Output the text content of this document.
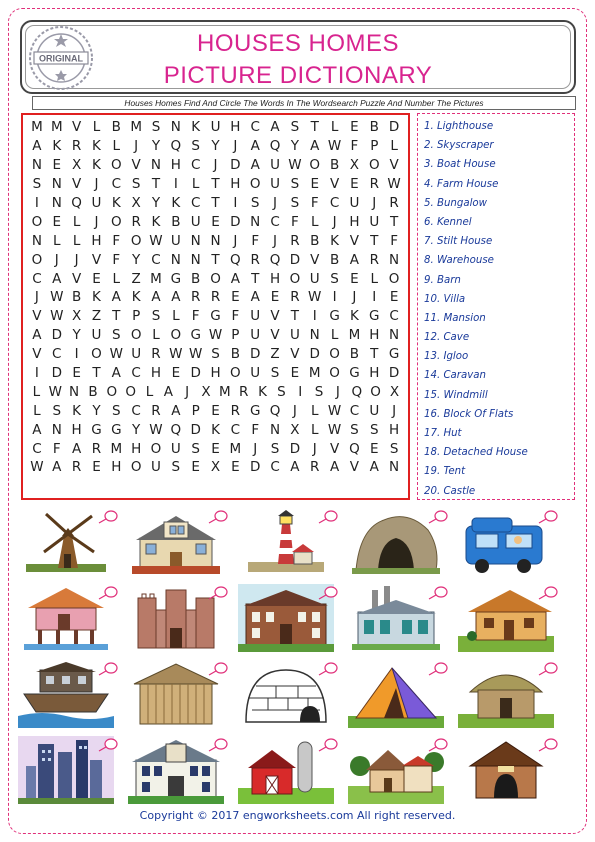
ORIGINAL
HOUSES HOMES
PICTURE DICTIONARY
Houses Homes Find And Circle The Words In The Wordsearch Puzzle And Number The Pictures
M M V L B M S N K U H C A S T L E B D
A K R K L	J	Y Q S Y	J A Q Y A W F P L
N E X K O V N H C J D A U W O B X O V
S N V J C S T	I	L T H O U S E V E R W
I N Q U K X Y K C T	I	S	J	S F C U J R
O E L	J O R K B U E D N C F L	J H U T
N L L H F O W U N N J	F	J R B K V T F
O J	J V F Y C N N T Q R Q D V B A R N
C A V E L Z M G B O A T H O U S E L O
J W B K A K A A R R E A E R W I	J	I	E
V W X Z T P S L F G F U V T	I G K G C
A D Y U S O L O G W P U V U N L M H N
V C I O W U R W W S B D Z V D O B T G
I D E T A C H E D H O U S E M O G H D
L W N B O O L A J X M R K S I S J Q O X
L S K Y S C R A P E R G Q J	L W C U J
A N H G G Y W Q D K C F N X L W S S H
C F A R M H O U S E M J	S D J V Q E S
W A R E H O U S E X E D C A R A V A N
1. Lighthouse
2. Skyscraper
3. Boat House
4. Farm House
5. Bungalow
6. Kennel
7. Stilt House
8. Warehouse
9. Barn
10. Villa
11. Mansion
12. Cave
13. Igloo
14. Caravan
15. Windmill
16. Block Of Flats
17. Hut
18. Detached House
19. Tent
20. Castle
Copyright © 2017 engworksheets.com All right reserved.
